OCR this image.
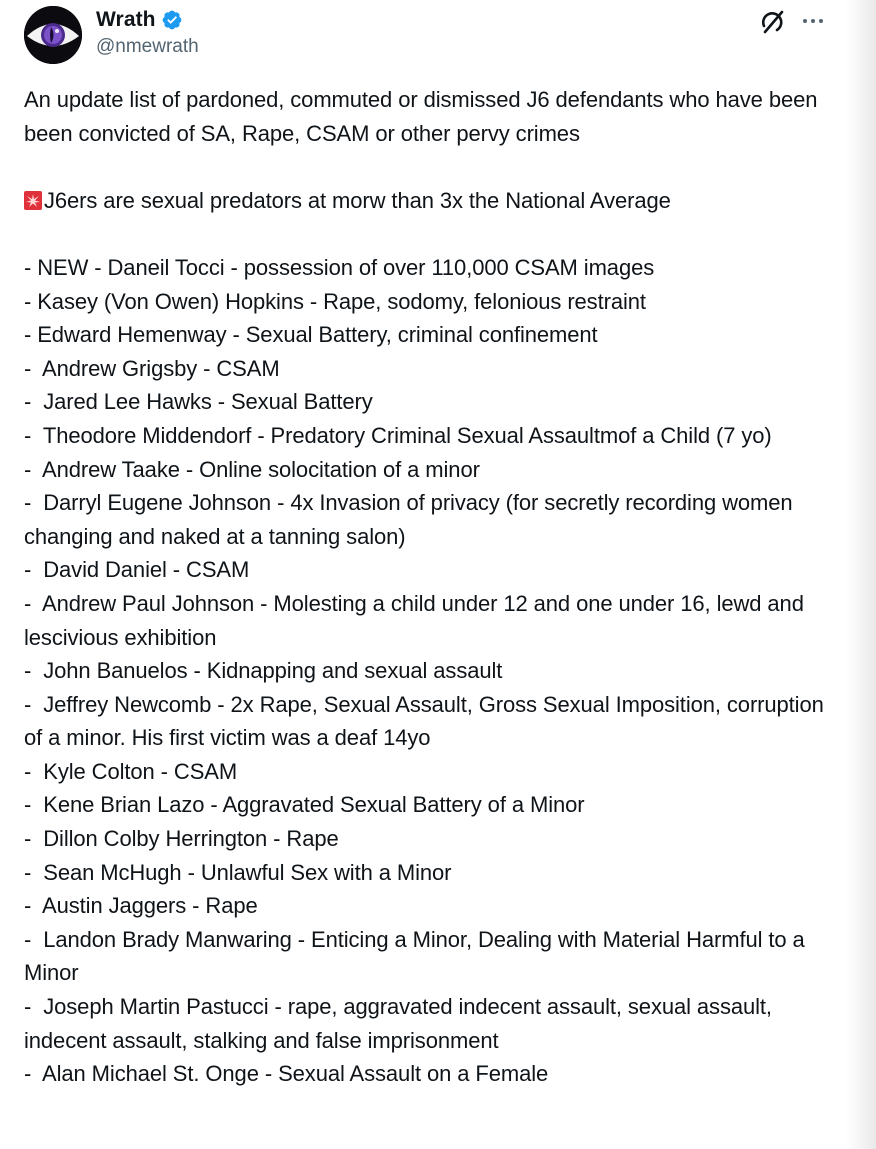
Wrath
@nmewrath

An update list of pardoned, commuted or dismissed J6 defendants who have been been convicted of SA, Rape, CSAM or other pervy crimes

J6ers are sexual predators at morw than 3x the National Average

- NEW - Daneil Tocci - possession of over 110,000 CSAM images

- Kasey (Von Owen) Hopkins - Rape, sodomy, felonious restraint

- Edward Hemenway - Sexual Battery, criminal confinement

-  Andrew Grigsby - CSAM

-  Jared Lee Hawks - Sexual Battery

-  Theodore Middendorf - Predatory Criminal Sexual Assaultmof a Child (7 yo)

-  Andrew Taake - Online solocitation of a minor

-  Darryl Eugene Johnson - 4x Invasion of privacy (for secretly recording women changing and naked at a tanning salon)

-  David Daniel - CSAM

-  Andrew Paul Johnson - Molesting a child under 12 and one under 16, lewd and lescivious exhibition

-  John Banuelos - Kidnapping and sexual assault

-  Jeffrey Newcomb - 2x Rape, Sexual Assault, Gross Sexual Imposition, corruption of a minor. His first victim was a deaf 14yo

-  Kyle Colton - CSAM

-  Kene Brian Lazo - Aggravated Sexual Battery of a Minor

-  Dillon Colby Herrington - Rape

-  Sean McHugh - Unlawful Sex with a Minor

-  Austin Jaggers - Rape

-  Landon Brady Manwaring - Enticing a Minor, Dealing with Material Harmful to a Minor

-  Joseph Martin Pastucci - rape, aggravated indecent assault, sexual assault, indecent assault, stalking and false imprisonment

-  Alan Michael St. Onge - Sexual Assault on a Female
